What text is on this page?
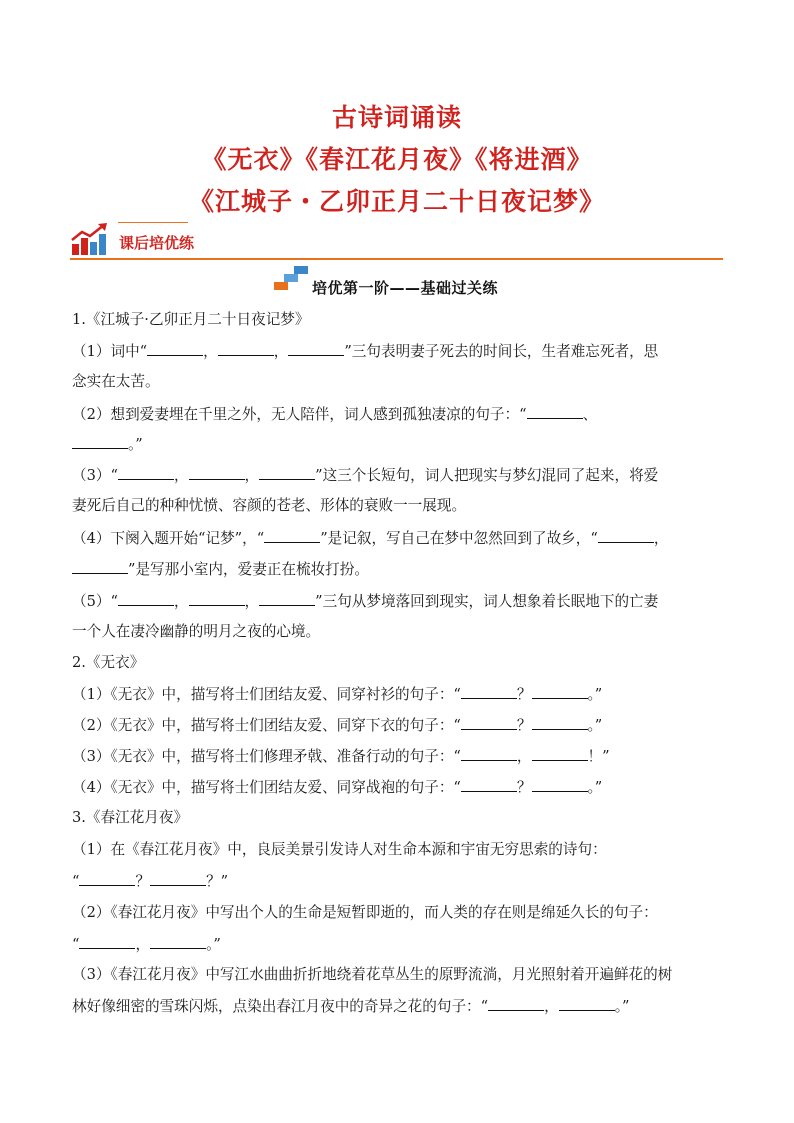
古诗词诵读
《无衣》《春江花月夜》《将进酒》
《江城子・乙卯正月二十日夜记梦》
课后培优练
培优第一阶——基础过关练
1.《江城子·乙卯正月二十日夜记梦》
（1）词中“	，	，	”三句表明妻子死去的时间长，生者难忘死者，思
念实在太苦。
（2）想到爱妻埋在千里之外，无人陪伴，词人感到孤独凄凉的句子：“	、
。”
（3）“	，	，	”这三个长短句，词人把现实与梦幻混同了起来，将爱
妻死后自己的种种忧愤、容颜的苍老、形体的衰败一一展现。
（4）下阕入题开始“记梦”，“	”是记叙，写自己在梦中忽然回到了故乡，“	，
”是写那小室内，爱妻正在梳妆打扮。
（5）“	，	，	”三句从梦境落回到现实，词人想象着长眠地下的亡妻
一个人在凄冷幽静的明月之夜的心境。
2.《无衣》
（1）《无衣》中，描写将士们团结友爱、同穿衬衫的句子：“	？	。”
（2）《无衣》中，描写将士们团结友爱、同穿下衣的句子：“	？	。”
（3）《无衣》中，描写将士们修理矛戟、准备行动的句子：“	，	！”
（4）《无衣》中，描写将士们团结友爱、同穿战袍的句子：“	？	。”
3.《春江花月夜》
（1）在《春江花月夜》中，良辰美景引发诗人对生命本源和宇宙无穷思索的诗句：
“	？	？”
（2）《春江花月夜》中写出个人的生命是短暂即逝的，而人类的存在则是绵延久长的句子：
“	，	。”
（3）《春江花月夜》中写江水曲曲折折地绕着花草丛生的原野流淌，月光照射着开遍鲜花的树
林好像细密的雪珠闪烁，点染出春江月夜中的奇异之花的句子：“	，	。”
